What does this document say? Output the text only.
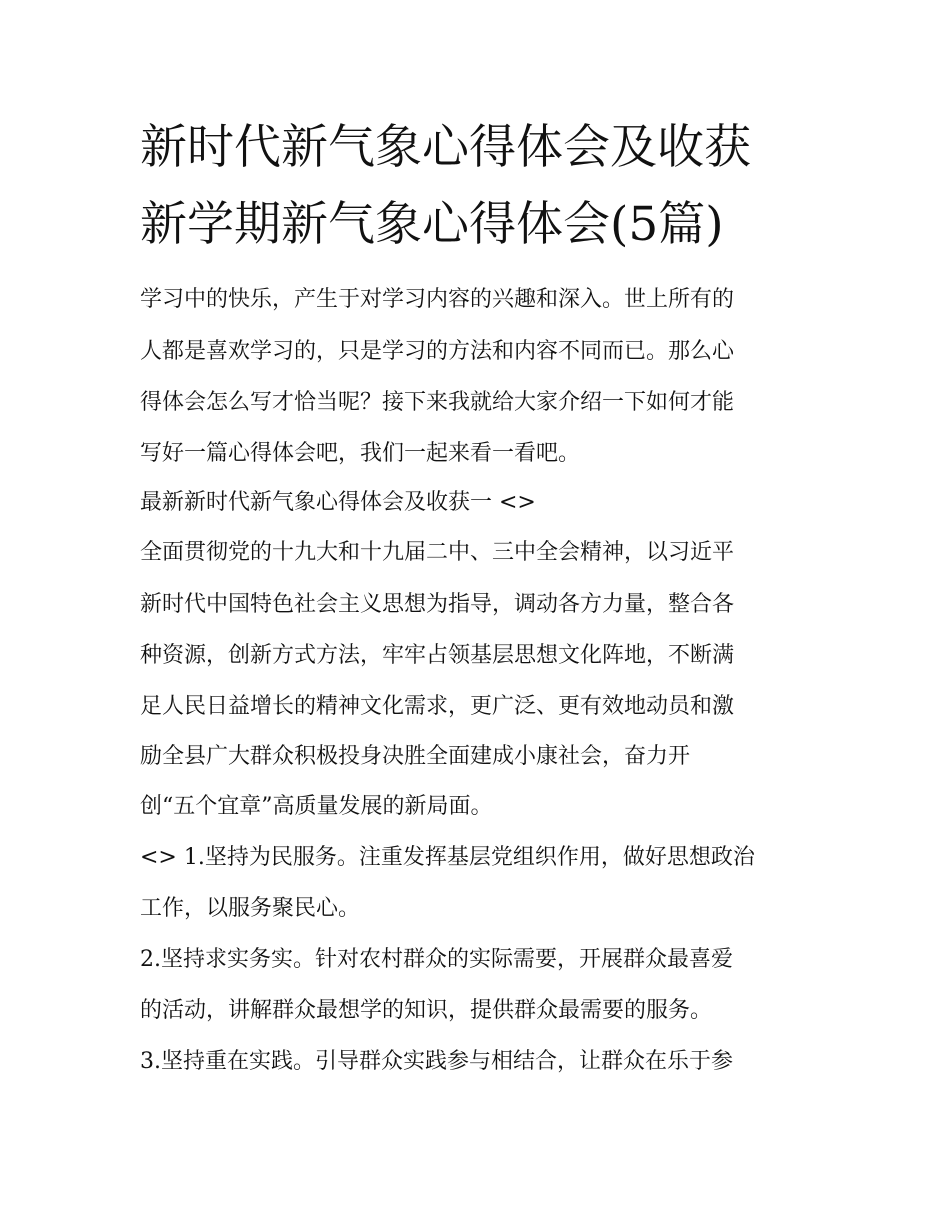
新时代新气象心得体会及收获
新学期新气象心得体会(5篇)

学习中的快乐，产生于对学习内容的兴趣和深入。世上所有的

人都是喜欢学习的，只是学习的方法和内容不同而已。那么心

得体会怎么写才恰当呢？接下来我就给大家介绍一下如何才能

写好一篇心得体会吧，我们一起来看一看吧。

最新新时代新气象心得体会及收获一 <>

全面贯彻党的十九大和十九届二中、三中全会精神，以习近平

新时代中国特色社会主义思想为指导，调动各方力量，整合各

种资源，创新方式方法，牢牢占领基层思想文化阵地，不断满

足人民日益增长的精神文化需求，更广泛、更有效地动员和激

励全县广大群众积极投身决胜全面建成小康社会，奋力开

创“五个宜章”高质量发展的新局面。

<> 1.坚持为民服务。注重发挥基层党组织作用，做好思想政治

工作，以服务聚民心。

2.坚持求实务实。针对农村群众的实际需要，开展群众最喜爱

的活动，讲解群众最想学的知识，提供群众最需要的服务。

3.坚持重在实践。引导群众实践参与相结合，让群众在乐于参
